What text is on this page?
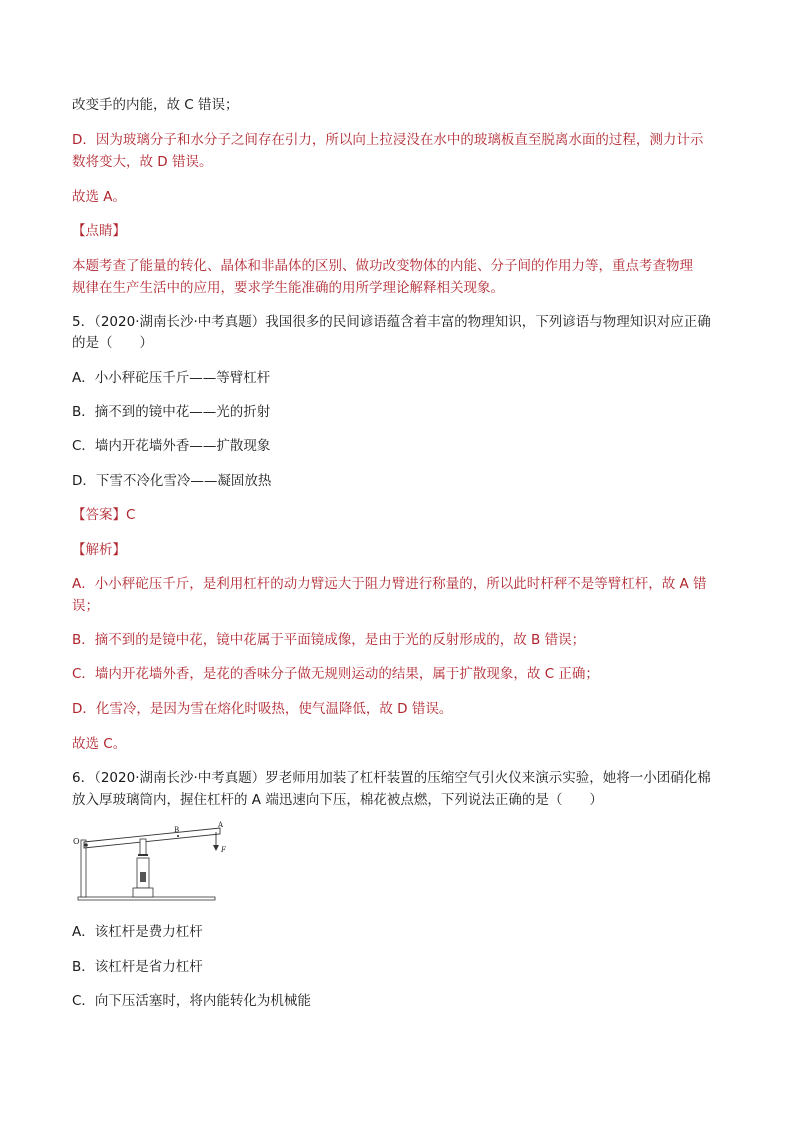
改变手的内能，故 C 错误；
D．因为玻璃分子和水分子之间存在引力，所以向上拉浸没在水中的玻璃板直至脱离水面的过程，测力计示
数将变大，故 D 错误。
故选 A。
【点睛】
本题考查了能量的转化、晶体和非晶体的区别、做功改变物体的内能、分子间的作用力等，重点考查物理
规律在生产生活中的应用，要求学生能准确的用所学理论解释相关现象。
5．（2020·湖南长沙·中考真题）我国很多的民间谚语蕴含着丰富的物理知识，下列谚语与物理知识对应正确
的是（　　）
A．小小秤砣压千斤——等臂杠杆
B．摘不到的镜中花——光的折射
C．墙内开花墙外香——扩散现象
D．下雪不冷化雪冷——凝固放热
【答案】C
【解析】
A．小小秤砣压千斤，是利用杠杆的动力臂远大于阻力臂进行称量的，所以此时杆秤不是等臂杠杆，故 A 错
误；
B．摘不到的是镜中花，镜中花属于平面镜成像，是由于光的反射形成的，故 B 错误；
C．墙内开花墙外香，是花的香味分子做无规则运动的结果，属于扩散现象，故 C 正确；
D．化雪冷，是因为雪在熔化时吸热，使气温降低，故 D 错误。
故选 C。
6．（2020·湖南长沙·中考真题）罗老师用加装了杠杆装置的压缩空气引火仪来演示实验，她将一小团硝化棉
放入厚玻璃筒内，握住杠杆的 A 端迅速向下压，棉花被点燃，下列说法正确的是（　　）
O
B
A
F
A．该杠杆是费力杠杆
B．该杠杆是省力杠杆
C．向下压活塞时，将内能转化为机械能
